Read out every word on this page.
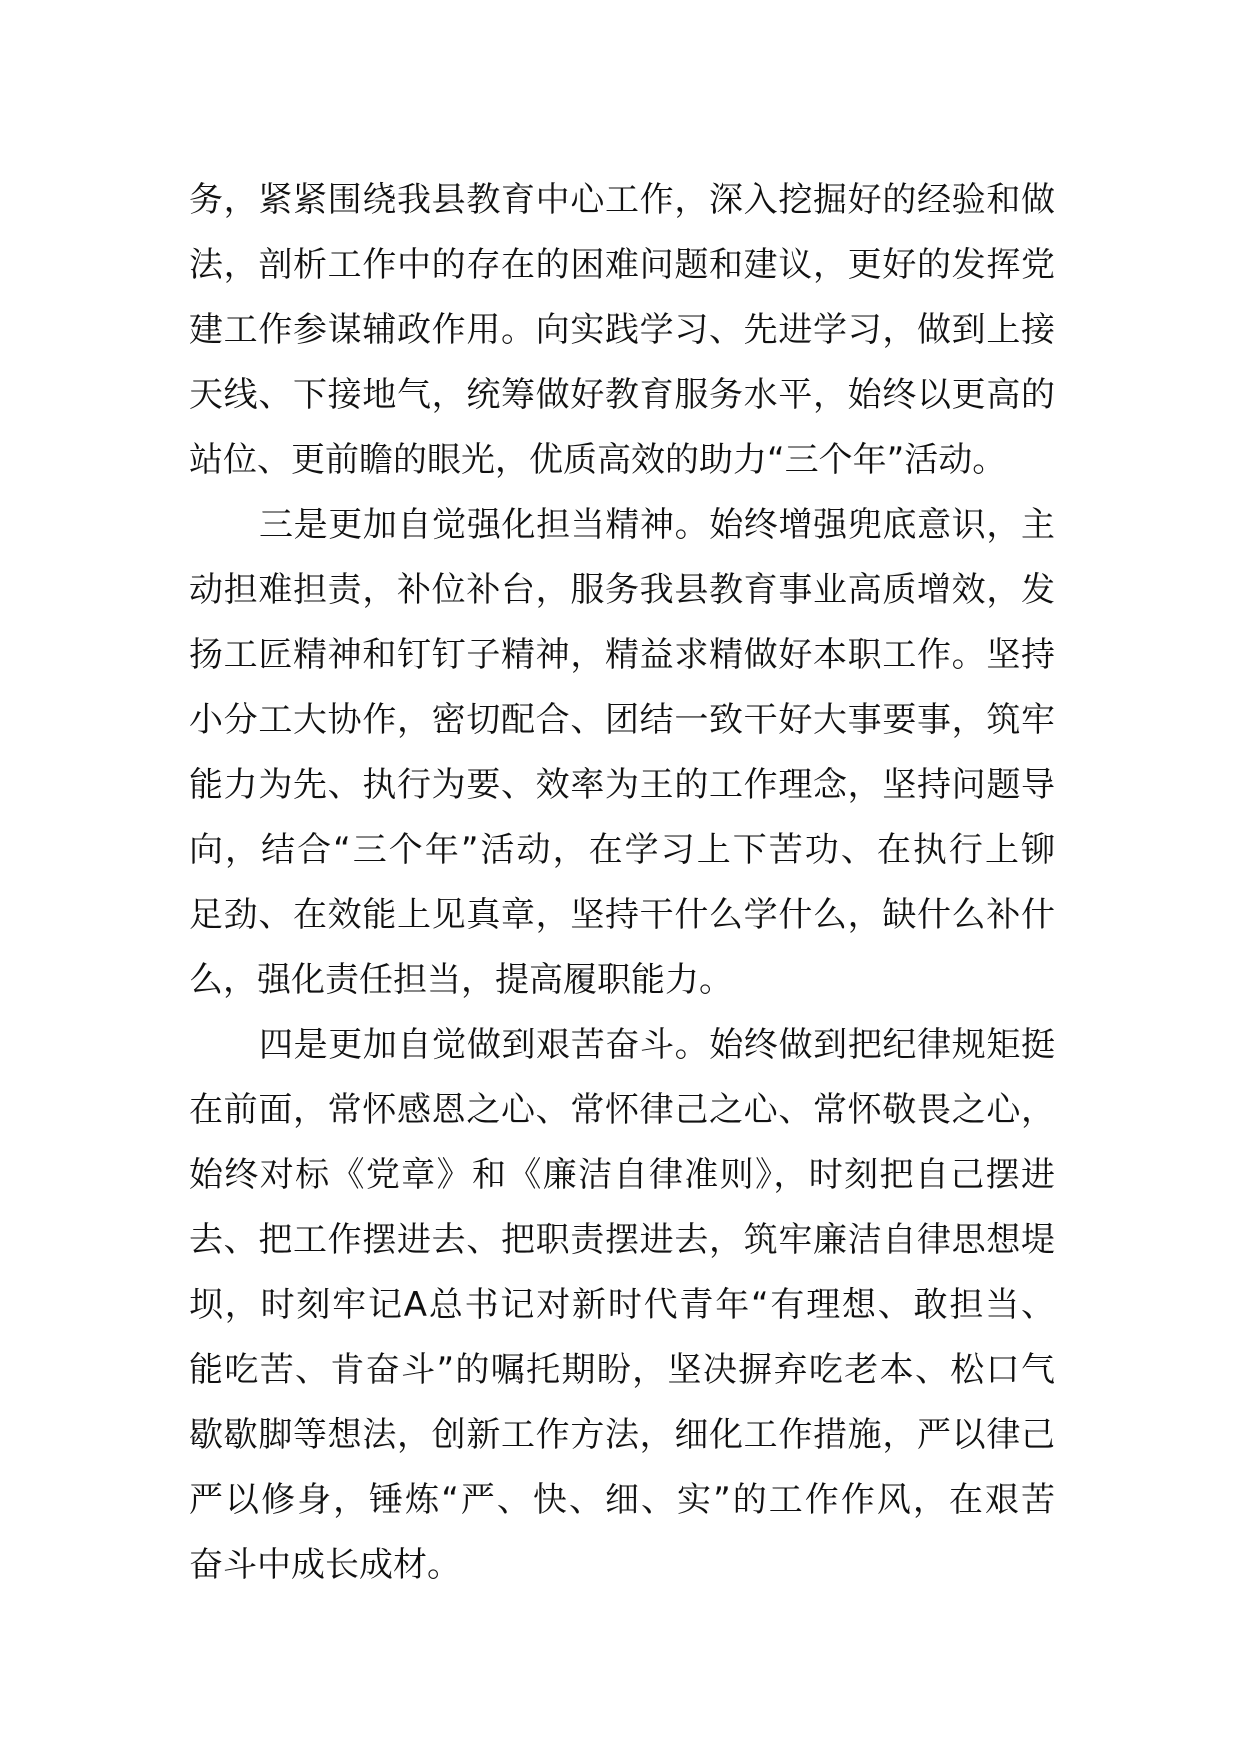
务，紧紧围绕我县教育中心工作，深入挖掘好的经验和做
法，剖析工作中的存在的困难问题和建议，更好的发挥党
建工作参谋辅政作用。向实践学习、先进学习，做到上接
天线、下接地气，统筹做好教育服务水平，始终以更高的
站位、更前瞻的眼光，优质高效的助力“三个年”活动。
三是更加自觉强化担当精神。始终增强兜底意识，主
动担难担责，补位补台，服务我县教育事业高质增效，发
扬工匠精神和钉钉子精神，精益求精做好本职工作。坚持
小分工大协作，密切配合、团结一致干好大事要事，筑牢
能力为先、执行为要、效率为王的工作理念，坚持问题导
向，结合“三个年”活动，在学习上下苦功、在执行上铆
足劲、在效能上见真章，坚持干什么学什么，缺什么补什
么，强化责任担当，提高履职能力。
四是更加自觉做到艰苦奋斗。始终做到把纪律规矩挺
在前面，常怀感恩之心、常怀律己之心、常怀敬畏之心，
始终对标《党章》和《廉洁自律准则》，时刻把自己摆进
去、把工作摆进去、把职责摆进去，筑牢廉洁自律思想堤
坝，时刻牢记A总书记对新时代青年“有理想、敢担当、
能吃苦、肯奋斗”的嘱托期盼，坚决摒弃吃老本、松口气
歇歇脚等想法，创新工作方法，细化工作措施，严以律己
严以修身，锤炼“严、快、细、实”的工作作风，在艰苦
奋斗中成长成材。
